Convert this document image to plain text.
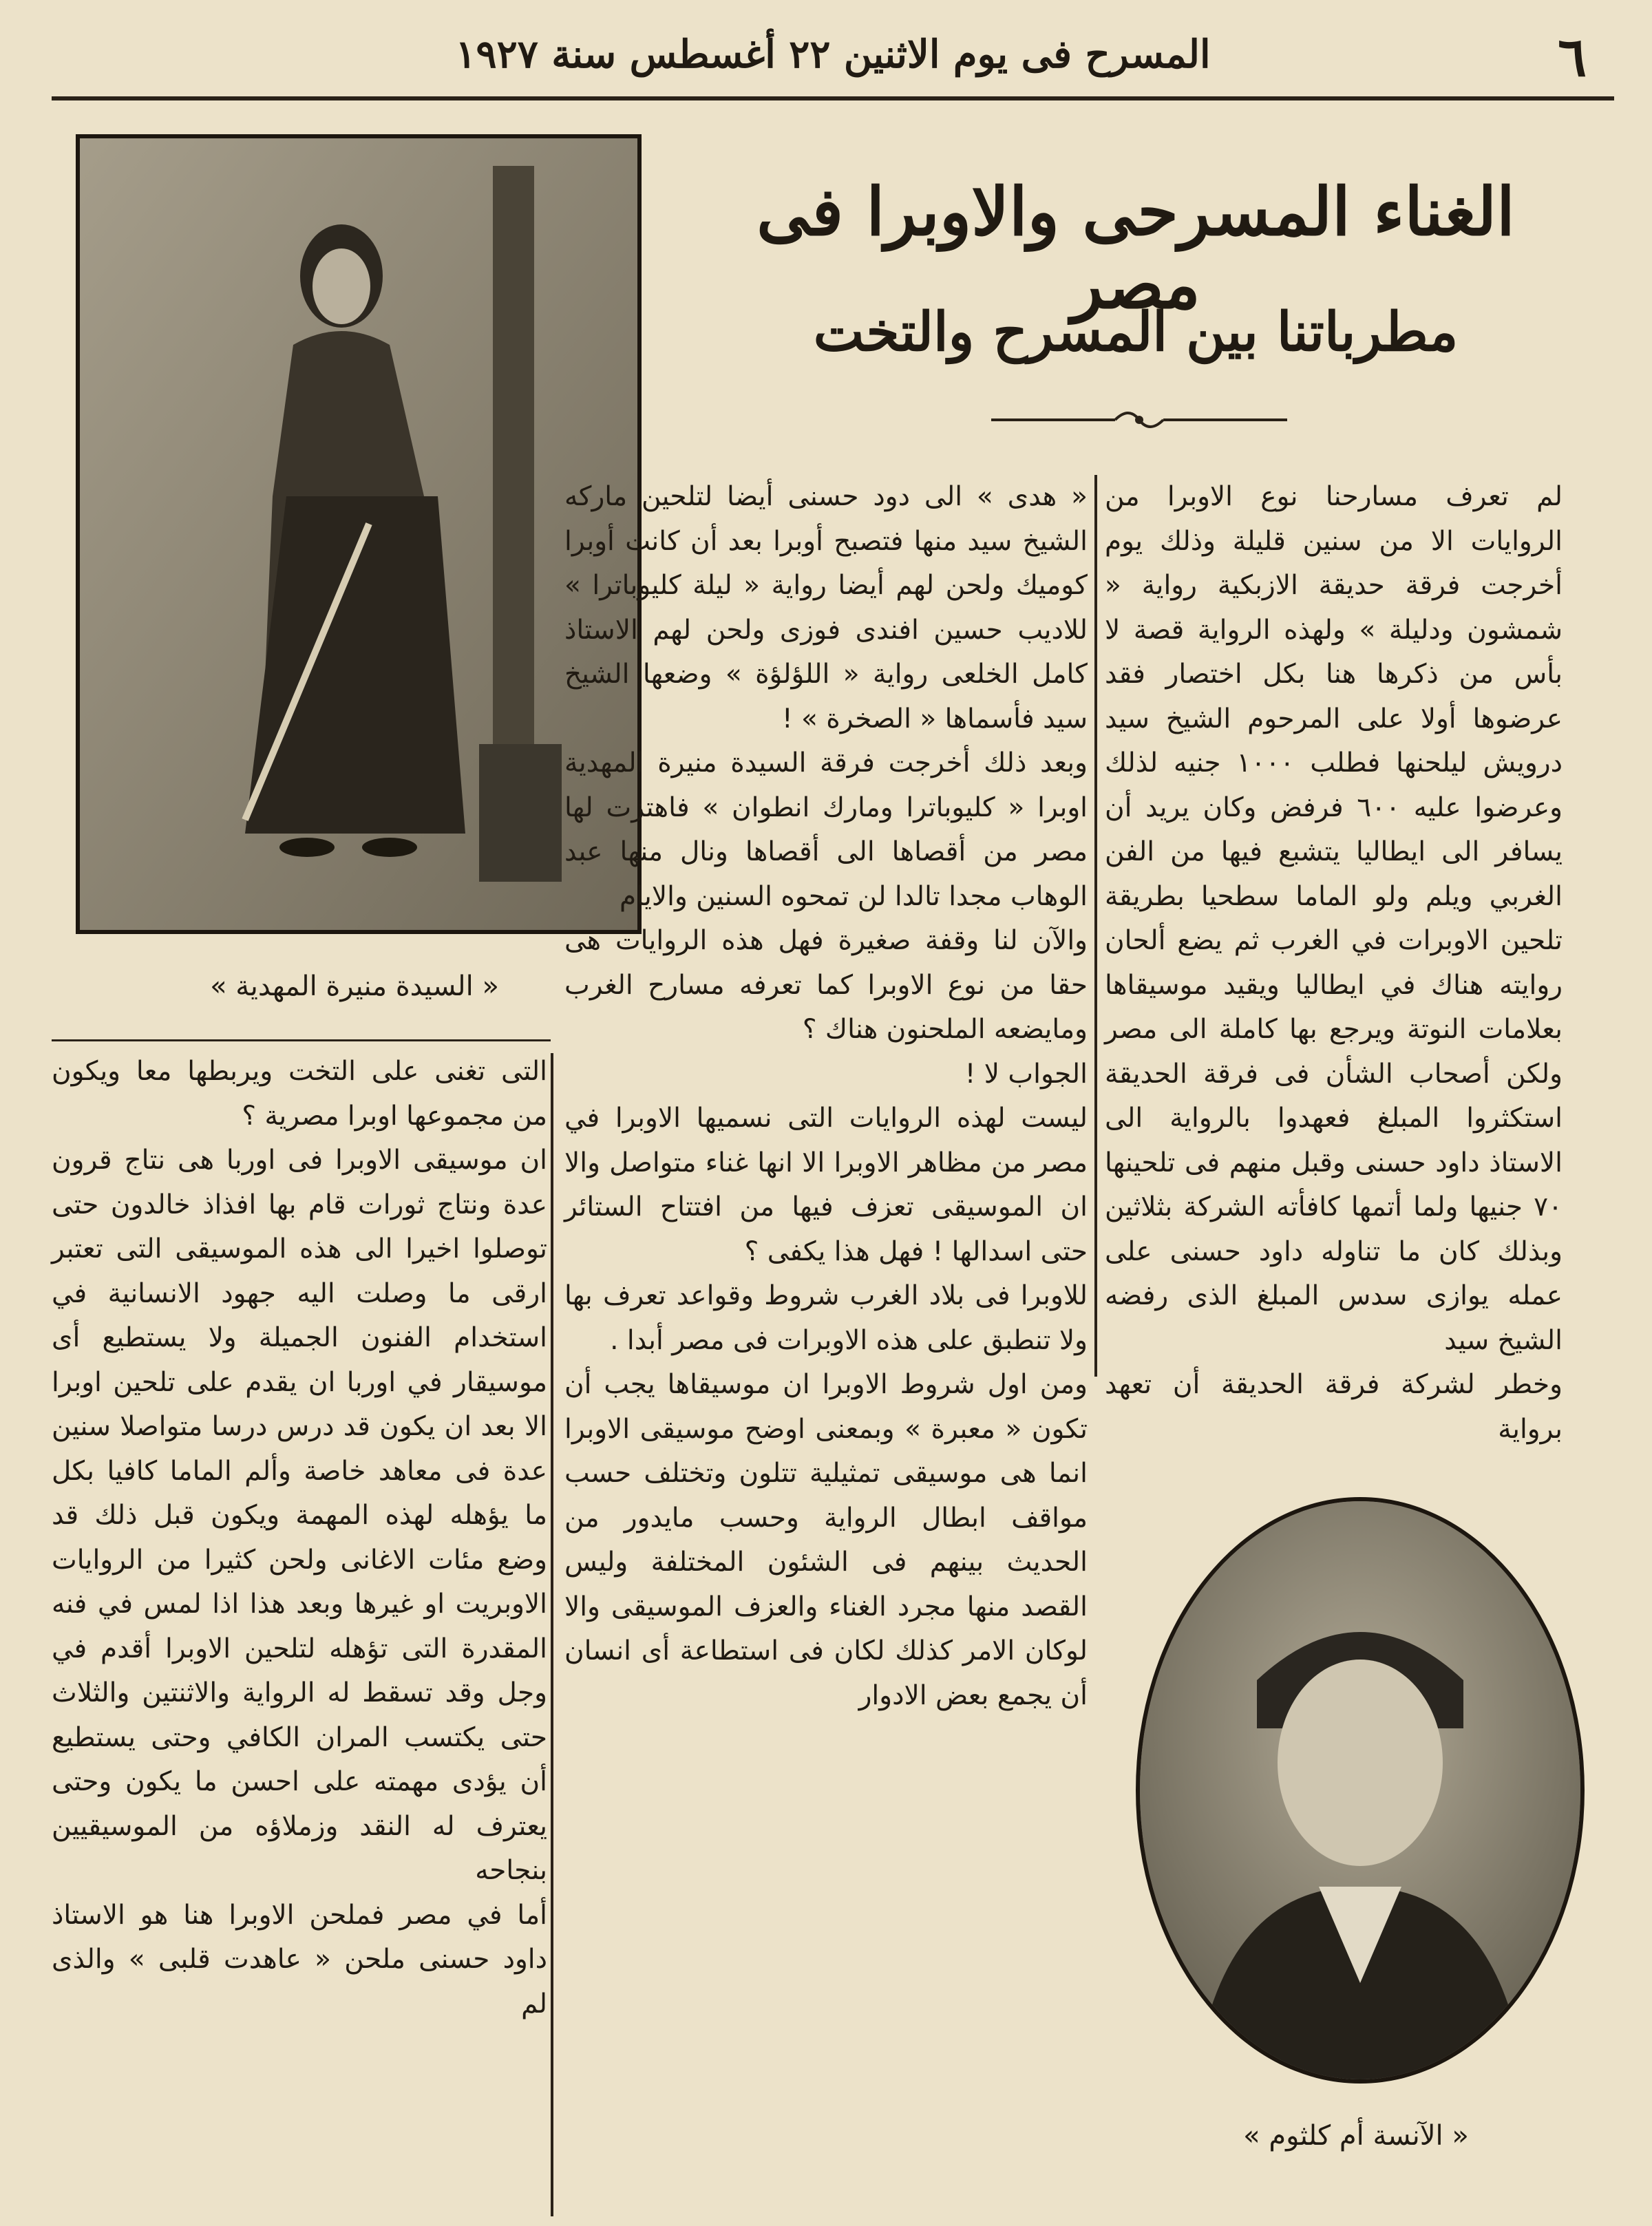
٦
المسرح فى يوم الاثنين ٢٢ أغسطس سنة ١٩٢٧
« السيدة منيرة المهدية »
الغناء المسرحى والاوبرا فى مصر
مطرباتنا بين المسرح والتخت

لم تعرف مسارحنا نوع الاوبرا من الروايات الا من سنين قليلة وذلك يوم أخرجت فرقة حديقة الازبكية رواية « شمشون ودليلة » ولهذه الرواية قصة لا بأس من ذكرها هنا بكل اختصار فقد عرضوها أولا على المرحوم الشيخ سيد درويش ليلحنها فطلب ١٠٠٠ جنيه لذلك وعرضوا عليه ٦٠٠ فرفض وكان يريد أن يسافر الى ايطاليا يتشبع فيها من الفن الغربي ويلم ولو الماما سطحيا بطريقة تلحين الاوبرات في الغرب ثم يضع ألحان روايته هناك في ايطاليا ويقيد موسيقاها بعلامات النوتة ويرجع بها كاملة الى مصر ولكن أصحاب الشأن فى فرقة الحديقة استكثروا المبلغ فعهدوا بالرواية الى الاستاذ داود حسنى وقبل منهم فى تلحينها ٧٠ جنيها ولما أتمها كافأته الشركة بثلاثين وبذلك كان ما تناوله داود حسنى على عمله يوازى سدس المبلغ الذى رفضه الشيخ سيد

وخطر لشركة فرقة الحديقة أن تعهد برواية

« هدى » الى دود حسنى أيضا لتلحين ماركه الشيخ سيد منها فتصبح أوبرا بعد أن كانت أوبرا كوميك ولحن لهم أيضا رواية « ليلة كليوباترا » للاديب حسين افندى فوزى ولحن لهم الاستاذ كامل الخلعى رواية « اللؤلؤة » وضعها الشيخ سيد فأسماها « الصخرة » !

وبعد ذلك أخرجت فرقة السيدة منيرة المهدية اوبرا « كليوباترا ومارك انطوان » فاهتزت لها مصر من أقصاها الى أقصاها ونال منها عبد الوهاب مجدا تالدا لن تمحوه السنين والايام

والآن لنا وقفة صغيرة فهل هذه الروايات هى حقا من نوع الاوبرا كما تعرفه مسارح الغرب ومايضعه الملحنون هناك ؟

الجواب لا !

ليست لهذه الروايات التى نسميها الاوبرا في مصر من مظاهر الاوبرا الا انها غناء متواصل والا ان الموسيقى تعزف فيها من افتتاح الستائر حتى اسدالها ! فهل هذا يكفى ؟

للاوبرا فى بلاد الغرب شروط وقواعد تعرف بها ولا تنطبق على هذه الاوبرات فى مصر أبدا .

ومن اول شروط الاوبرا ان موسيقاها يجب أن تكون « معبرة » وبمعنى اوضح موسيقى الاوبرا انما هى موسيقى تمثيلية تتلون وتختلف حسب مواقف ابطال الرواية وحسب مايدور من الحديث بينهم فى الشئون المختلفة وليس القصد منها مجرد الغناء والعزف الموسيقى والا لوكان الامر كذلك لكان فى استطاعة أى انسان أن يجمع بعض الادوار

التى تغنى على التخت ويربطها معا ويكون من مجموعها اوبرا مصرية ؟

ان موسيقى الاوبرا فى اوربا هى نتاج قرون عدة ونتاج ثورات قام بها افذاذ خالدون حتى توصلوا اخيرا الى هذه الموسيقى التى تعتبر ارقى ما وصلت اليه جهود الانسانية في استخدام الفنون الجميلة ولا يستطيع أى موسيقار في اوربا ان يقدم على تلحين اوبرا الا بعد ان يكون قد درس درسا متواصلا سنين عدة فى معاهد خاصة وألم الماما كافيا بكل ما يؤهله لهذه المهمة ويكون قبل ذلك قد وضع مئات الاغانى ولحن كثيرا من الروايات الاوبريت او غيرها وبعد هذا اذا لمس في فنه المقدرة التى تؤهله لتلحين الاوبرا أقدم في وجل وقد تسقط له الرواية والاثنتين والثلاث حتى يكتسب المران الكافي وحتى يستطيع أن يؤدى مهمته على احسن ما يكون وحتى يعترف له النقد وزملاؤه من الموسيقيين بنجاحه

أما في مصر فملحن الاوبرا هنا هو الاستاذ داود حسنى ملحن « عاهدت قلبى » والذى لم

« الآنسة أم كلثوم »
